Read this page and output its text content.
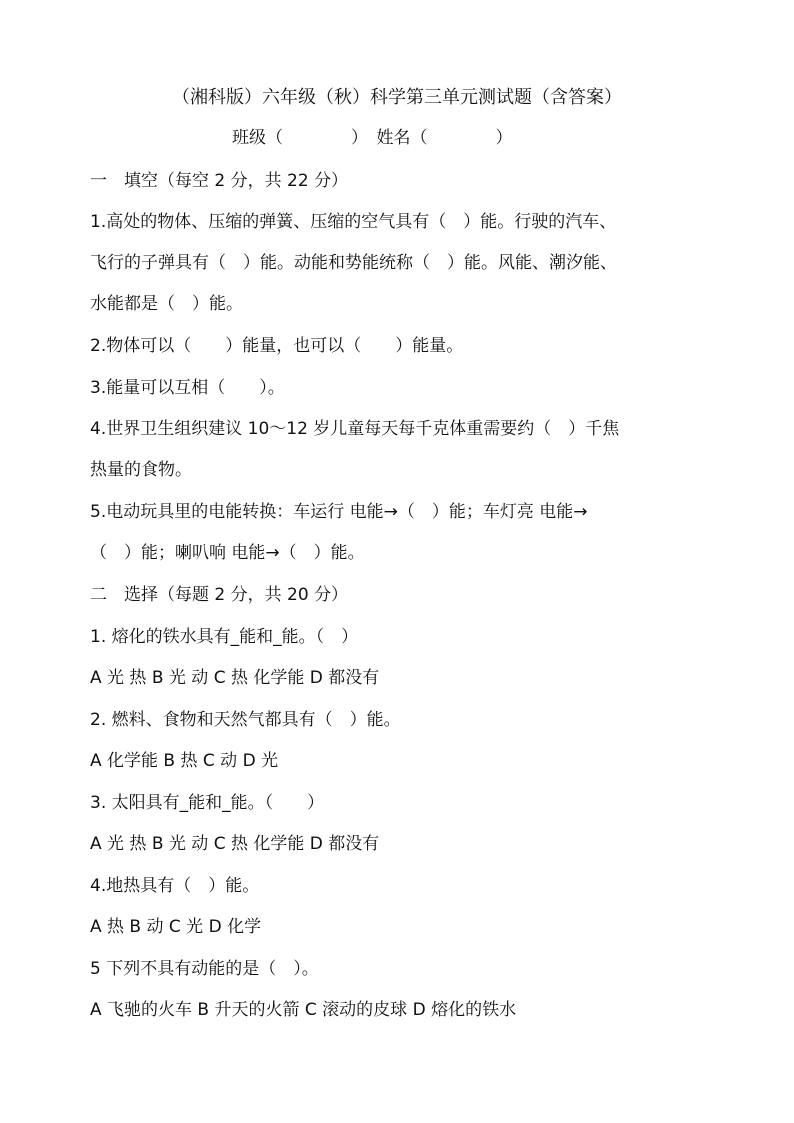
（湘科版）六年级（秋）科学第三单元测试题（含答案）
班级（　　　　）　姓名（　　　　）
一　填空（每空 2 分，共 22 分）
1.高处的物体、压缩的弹簧、压缩的空气具有（　）能。行驶的汽车、
飞行的子弹具有（　）能。动能和势能统称（　）能。风能、潮汐能、
水能都是（　）能。
2.物体可以（　　）能量，也可以（　　）能量。
3.能量可以互相（　　）。
4.世界卫生组织建议 10～12 岁儿童每天每千克体重需要约（　）千焦
热量的食物。
5.电动玩具里的电能转换：车运行 电能→（　）能；车灯亮 电能→
（　）能；喇叭响 电能→（　）能。
二　选择（每题 2 分，共 20 分）
1. 熔化的铁水具有_能和_能。（　）
A 光 热 B 光 动 C 热 化学能 D 都没有
2. 燃料、食物和天然气都具有（　）能。
A 化学能 B 热 C 动 D 光
3. 太阳具有_能和_能。（　　）
A 光 热 B 光 动 C 热 化学能 D 都没有
4.地热具有（　）能。
A 热 B 动 C 光 D 化学
5 下列不具有动能的是（　）。
A 飞驰的火车 B 升天的火箭 C 滚动的皮球 D 熔化的铁水
